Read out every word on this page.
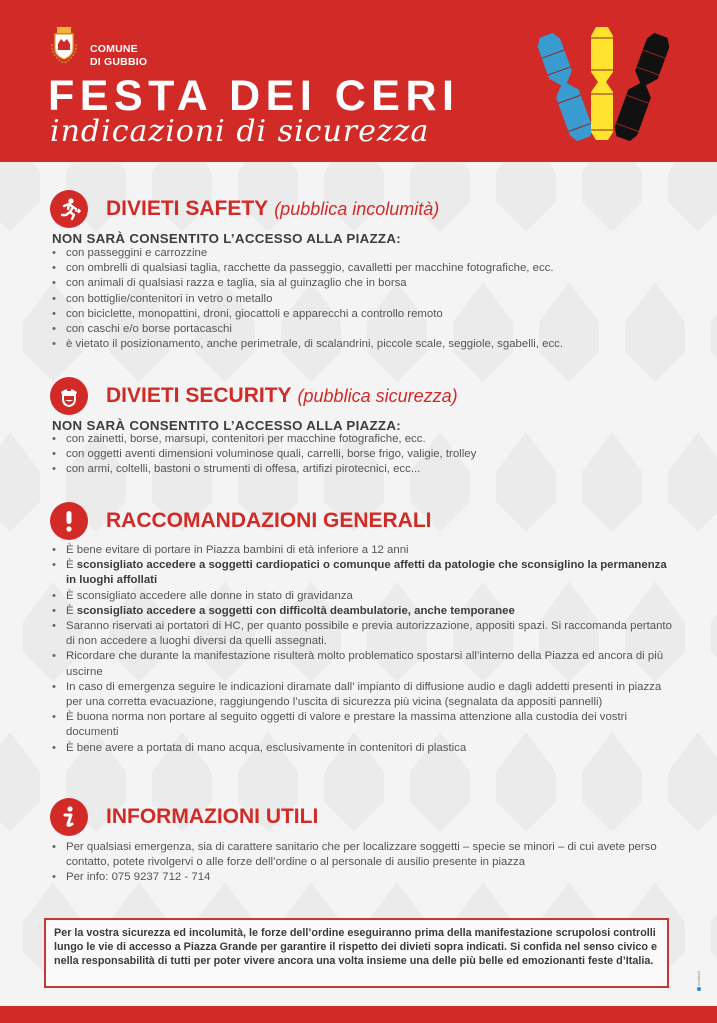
COMUNE
DI GUBBIO
FESTA DEI CERI
indicazioni di sicurezza
DIVIETI SAFETY (pubblica incolumità)
NON SARÀ CONSENTITO L’ACCESSO ALLA PIAZZA:
• con passeggini e carrozzine
• con ombrelli di qualsiasi taglia, racchette da passeggio, cavalletti per macchine fotografiche, ecc.
• con animali di qualsiasi razza e taglia, sia al guinzaglio che in borsa
• con bottiglie/contenitori in vetro o metallo
• con biciclette, monopattini, droni, giocattoli e apparecchi a controllo remoto
• con caschi e/o borse portacaschi
• è vietato il posizionamento, anche perimetrale, di scalandrini, piccole scale, seggiole, sgabelli, ecc.
DIVIETI SECURITY (pubblica sicurezza)
NON SARÀ CONSENTITO L’ACCESSO ALLA PIAZZA:
• con zainetti, borse, marsupi, contenitori per macchine fotografiche, ecc.
• con oggetti aventi dimensioni voluminose quali, carrelli, borse frigo, valigie, trolley
• con armi, coltelli, bastoni o strumenti di offesa, artifizi pirotecnici, ecc...
RACCOMANDAZIONI GENERALI
• È bene evitare di portare in Piazza bambini di età inferiore a 12 anni
• È sconsigliato accedere a soggetti cardiopatici o comunque affetti da patologie che sconsiglino la permanenza in luoghi affollati
• È sconsigliato accedere alle donne in stato di gravidanza
• È sconsigliato accedere a soggetti con difficoltà deambulatorie, anche temporanee
• Saranno riservati ai portatori di HC, per quanto possibile e previa autorizzazione, appositi spazi. Si raccomanda pertanto di non accedere a luoghi diversi da quelli assegnati.
• Ricordare che durante la manifestazione risulterà molto problematico spostarsi all’interno della Piazza ed ancora di più uscirne
• In caso di emergenza seguire le indicazioni diramate dall’ impianto di diffusione audio e dagli addetti presenti in piazza per una corretta evacuazione, raggiungendo l’uscita di sicurezza più vicina (segnalata da appositi pannelli)
• È buona norma non portare al seguito oggetti di valore e prestare la massima attenzione alla custodia dei vostri documenti
• È bene avere a portata di mano acqua, esclusivamente in contenitori di plastica
INFORMAZIONI UTILI
• Per qualsiasi emergenza, sia di carattere sanitario che per localizzare soggetti – specie se minori – di cui avete perso contatto, potete rivolgervi o alle forze dell’ordine o al personale di ausilio presente in piazza
• Per info: 075 9237 712 - 714
Per la vostra sicurezza ed incolumità, le forze dell’ordine eseguiranno prima della manifestazione scrupolosi controlli lungo le vie di accesso a Piazza Grande per garantire il rispetto dei divieti sopra indicati. Si confida nel senso civico e nella responsabilità di tutti per poter vivere ancora una volta insieme una delle più belle ed emozionanti feste d’Italia.
nordazzi
